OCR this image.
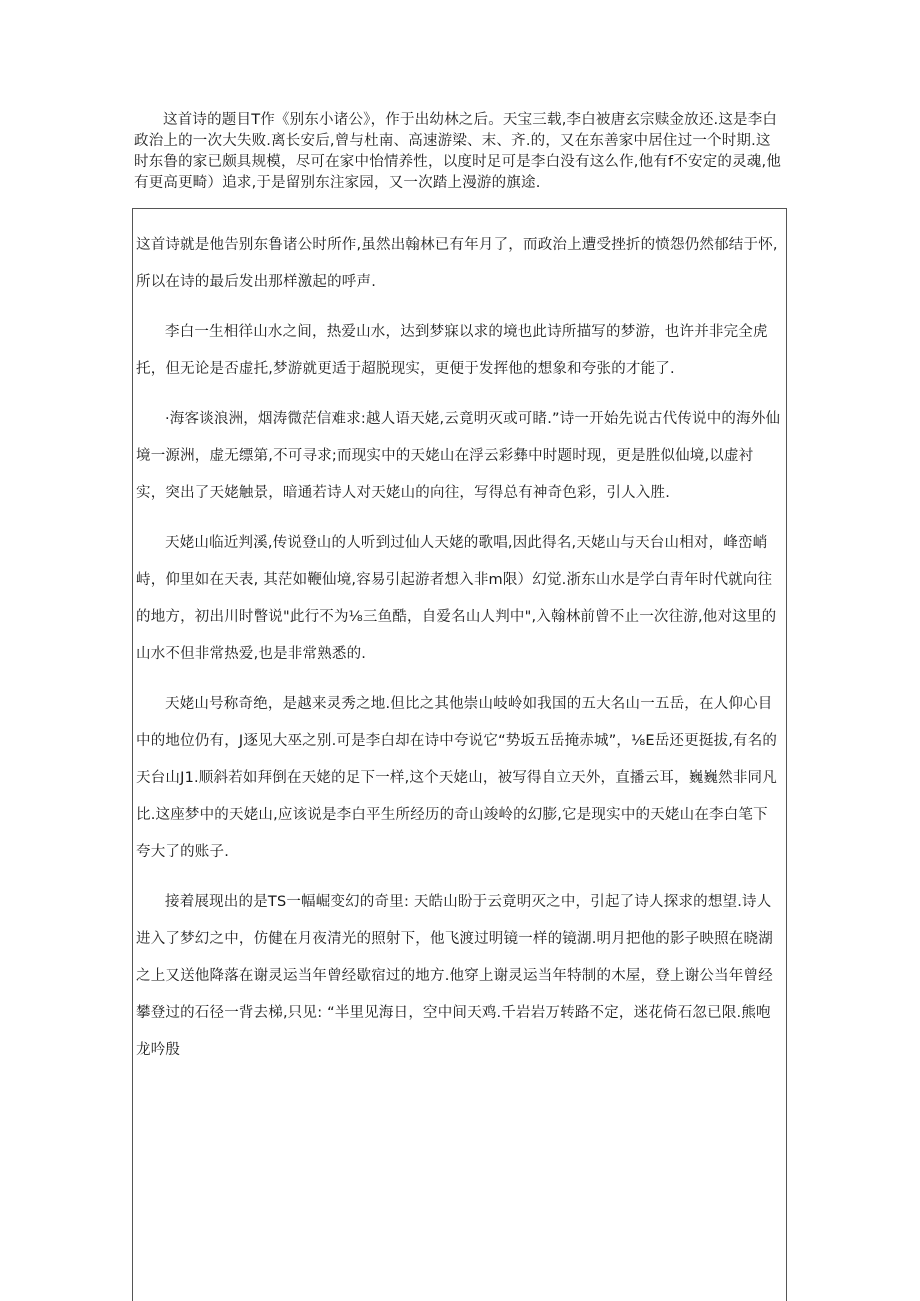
这首诗的题目T作《别东小诸公》，作于出幼林之后。天宝三载,李白被唐玄宗赎金放还.这是李白政治上的一次大失败.离长安后,曾与杜南、高速游梁、末、齐.的，又在东善家中居住过一个时期.这时东鲁的家已颇具规模，尽可在家中怡情养性，以度时足可是李白没有这么作,他有f不安定的灵魂,他有更高更畸）追求,于是留别东注家园，又一次踏上漫游的旗途.

这首诗就是他告别东鲁诸公时所作,虽然出翰林已有年月了，而政治上遭受挫折的愤怨仍然郁结于怀,所以在诗的最后发出那样激起的呼声.

李白一生相徉山水之间，热爱山水，达到梦寐以求的境也此诗所描写的梦游，也许并非完全虎托，但无论是否虚托,梦游就更适于超脱现实，更便于发挥他的想象和夸张的才能了.

·海客谈浪洲，烟涛微茫信难求:越人语天姥,云竟明灭或可睹.”诗一开始先说古代传说中的海外仙境一源洲，虚无缥第,不可寻求;而现实中的天姥山在浮云彩彝中时题时现，更是胜似仙境,以虚衬实，突出了天姥触景，暗通若诗人对天姥山的向往，写得总有神奇色彩，引人入胜.

天姥山临近判溪,传说登山的人听到过仙人天姥的歌唱,因此得名,天姥山与天台山相对，峰峦峭峙，仰里如在天表, 其茫如鞭仙境,容易引起游者想入非m限）幻觉.浙东山水是学白青年时代就向往的地方，初出川时瞥说"此行不为⅛三鱼酷，自爱名山人判中",入翰林前曾不止一次往游,他对这里的山水不但非常热爱,也是非常熟悉的.

天姥山号称奇绝，是越来灵秀之地.但比之其他崇山岐岭如我国的五大名山一五岳，在人仰心目中的地位仍有，J逐见大巫之别.可是李白却在诗中夸说它“势坂五岳掩赤城”，⅛E岳还更挺拔,有名的天台山J1.顺斜若如拜倒在天姥的足下一样,这个天姥山，被写得自立天外，直播云耳，巍巍然非同凡比.这座梦中的天姥山,应该说是李白平生所经历的奇山竣岭的幻膨,它是现实中的天姥山在李白笔下夸大了的账子.

接着展现出的是TS一幅崛变幻的奇里: 天皓山盼于云竟明灭之中，引起了诗人探求的想望.诗人进入了梦幻之中，仿健在月夜清光的照射下，他飞渡过明镜一样的镜湖.明月把他的影子映照在晓湖之上又送他降落在谢灵运当年曾经歇宿过的地方.他穿上谢灵运当年特制的木屋，登上谢公当年曾经攀登过的石径一背去梯,只见: “半里见海日，空中间天鸡.千岩岩万转路不定，迷花倚石忽已限.熊咆龙吟殷
